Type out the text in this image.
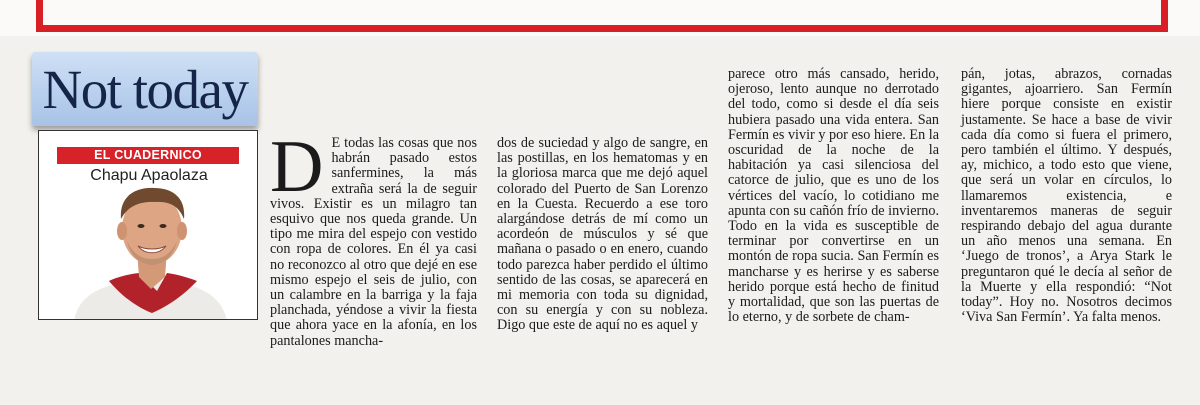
Not today
EL CUADERNICO
Chapu Apaolaza D E todas las cosas que nos habrán pasado estos sanfermines, la más extraña será la de seguir vivos. Existir es un milagro tan esquivo que nos queda grande. Un tipo me mira del espejo con vestido con ropa de colores. En él ya casi no reconozco al otro que dejé en ese mismo espejo el seis de julio, con un calambre en la barriga y la faja planchada, yéndose a vivir la fiesta que ahora yace en la afonía, en los pantalones mancha-

dos de suciedad y algo de sangre, en las postillas, en los hematomas y en la gloriosa marca que me dejó aquel colorado del Puerto de San Lorenzo en la Cuesta. Recuerdo a ese toro alargándose detrás de mí como un acordeón de músculos y sé que mañana o pasado o en enero, cuando todo parezca haber perdido el último sentido de las cosas, se aparecerá en mi memoria con toda su dignidad, con su energía y con su nobleza. Digo que este de aquí no es aquel y

parece otro más cansado, herido, ojeroso, lento aunque no derrotado del todo, como si desde el día seis hubiera pasado una vida entera. San Fermín es vivir y por eso hiere. En la oscuridad de la noche de la habitación ya casi silenciosa del catorce de julio, que es uno de los vértices del vacío, lo cotidiano me apunta con su cañón frío de invierno. Todo en la vida es susceptible de terminar por convertirse en un montón de ropa sucia. San Fermín es mancharse y es herirse y es saberse herido porque está hecho de finitud y mortalidad, que son las puertas de lo eterno, y de sorbete de cham-

pán, jotas, abrazos, cornadas gigantes, ajoarriero. San Fermín hiere porque consiste en existir justamente. Se hace a base de vivir cada día como si fuera el primero, pero también el último. Y después, ay, michico, a todo esto que viene, que será un volar en círculos, lo llamaremos existencia, e inventaremos maneras de seguir respirando debajo del agua durante un año menos una semana. En ‘Juego de tronos’, a Arya Stark le preguntaron qué le decía al señor de la Muerte y ella respondió: “Not today”. Hoy no. Nosotros decimos ‘Viva San Fermín’. Ya falta menos.
